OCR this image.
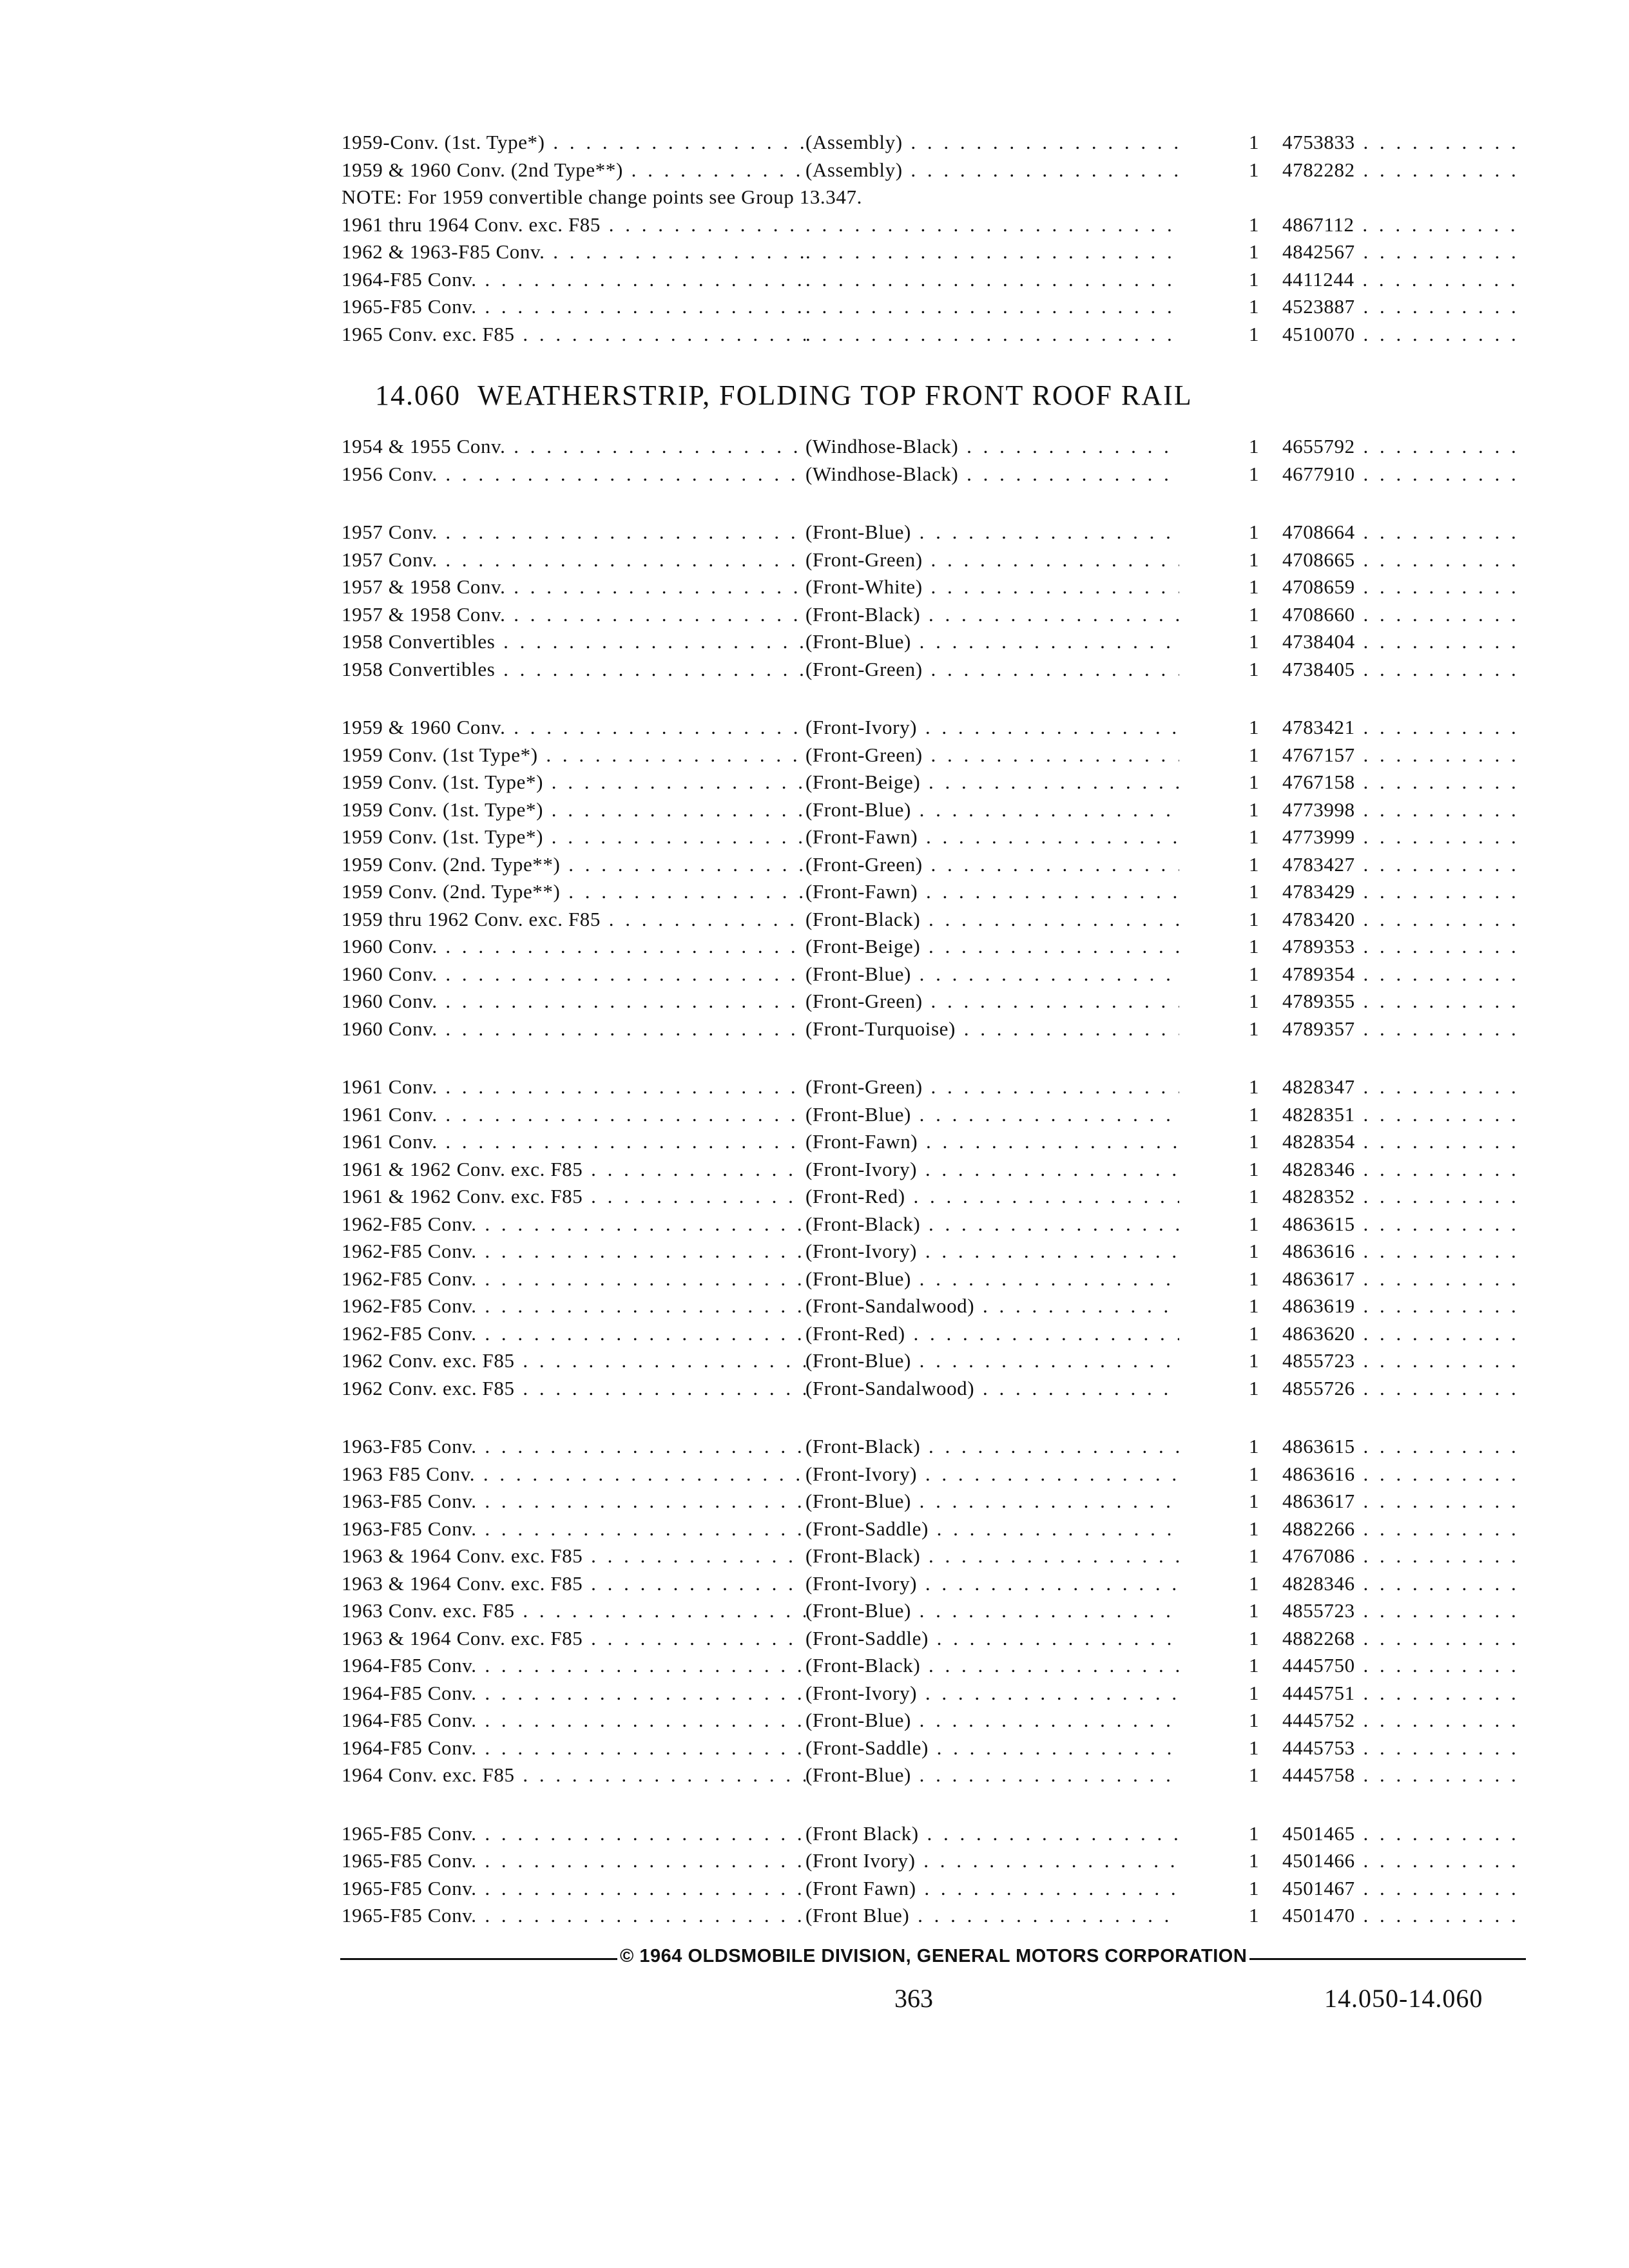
1959-Conv. (1st. Type*) . . .	(Assembly) . . .	1	4753833 . . .
1959 & 1960 Conv. (2nd Type**) . . .	(Assembly) . . .	1	4782282 . . .
NOTE: For 1959 convertible change points see Group 13.347.
1961 thru 1964 Conv. exc. F85 . . . . . .	1	4867112 . . .
1962 & 1963-F85 Conv. . . . . . .	1	4842567 . . .
1964-F85 Conv. . . . . . .	1	4411244 . . .
1965-F85 Conv. . . . . . .	1	4523887 . . .
1965 Conv. exc. F85 . . . . . .	1	4510070 . . .
14.060 WEATHERSTRIP, FOLDING TOP FRONT ROOF RAIL
1954 & 1955 Conv. . . .	(Windhose-Black) . . .	1	4655792 . . .
1956 Conv. . . .	(Windhose-Black) . . .	1	4677910 . . .
1957 Conv. . . .	(Front-Blue) . . .	1	4708664 . . .
1957 Conv. . . .	(Front-Green) . . .	1	4708665 . . .
1957 & 1958 Conv. . . .	(Front-White) . . .	1	4708659 . . .
1957 & 1958 Conv. . . .	(Front-Black) . . .	1	4708660 . . .
1958 Convertibles . . .	(Front-Blue) . . .	1	4738404 . . .
1958 Convertibles . . .	(Front-Green) . . .	1	4738405 . . .
1959 & 1960 Conv. . . .	(Front-Ivory) . . .	1	4783421 . . .
1959 Conv. (1st Type*) . . .	(Front-Green) . . .	1	4767157 . . .
1959 Conv. (1st. Type*) . . .	(Front-Beige) . . .	1	4767158 . . .
1959 Conv. (1st. Type*) . . .	(Front-Blue) . . .	1	4773998 . . .
1959 Conv. (1st. Type*) . . .	(Front-Fawn) . . .	1	4773999 . . .
1959 Conv. (2nd. Type**) . . .	(Front-Green) . . .	1	4783427 . . .
1959 Conv. (2nd. Type**) . . .	(Front-Fawn) . . .	1	4783429 . . .
1959 thru 1962 Conv. exc. F85 . . .	(Front-Black) . . .	1	4783420 . . .
1960 Conv. . . .	(Front-Beige) . . .	1	4789353 . . .
1960 Conv. . . .	(Front-Blue) . . .	1	4789354 . . .
1960 Conv. . . .	(Front-Green) . . .	1	4789355 . . .
1960 Conv. . . .	(Front-Turquoise) . . .	1	4789357 . . .
1961 Conv. . . .	(Front-Green) . . .	1	4828347 . . .
1961 Conv. . . .	(Front-Blue) . . .	1	4828351 . . .
1961 Conv. . . .	(Front-Fawn) . . .	1	4828354 . . .
1961 & 1962 Conv. exc. F85 . . .	(Front-Ivory) . . .	1	4828346 . . .
1961 & 1962 Conv. exc. F85 . . .	(Front-Red) . . .	1	4828352 . . .
1962-F85 Conv. . . .	(Front-Black) . . .	1	4863615 . . .
1962-F85 Conv. . . .	(Front-Ivory) . . .	1	4863616 . . .
1962-F85 Conv. . . .	(Front-Blue) . . .	1	4863617 . . .
1962-F85 Conv. . . .	(Front-Sandalwood) . . .	1	4863619 . . .
1962-F85 Conv. . . .	(Front-Red) . . .	1	4863620 . . .
1962 Conv. exc. F85 . . .	(Front-Blue) . . .	1	4855723 . . .
1962 Conv. exc. F85 . . .	(Front-Sandalwood) . . .	1	4855726 . . .
1963-F85 Conv. . . .	(Front-Black) . . .	1	4863615 . . .
1963 F85 Conv. . . .	(Front-Ivory) . . .	1	4863616 . . .
1963-F85 Conv. . . .	(Front-Blue) . . .	1	4863617 . . .
1963-F85 Conv. . . .	(Front-Saddle) . . .	1	4882266 . . .
1963 & 1964 Conv. exc. F85 . . .	(Front-Black) . . .	1	4767086 . . .
1963 & 1964 Conv. exc. F85 . . .	(Front-Ivory) . . .	1	4828346 . . .
1963 Conv. exc. F85 . . .	(Front-Blue) . . .	1	4855723 . . .
1963 & 1964 Conv. exc. F85 . . .	(Front-Saddle) . . .	1	4882268 . . .
1964-F85 Conv. . . .	(Front-Black) . . .	1	4445750 . . .
1964-F85 Conv. . . .	(Front-Ivory) . . .	1	4445751 . . .
1964-F85 Conv. . . .	(Front-Blue) . . .	1	4445752 . . .
1964-F85 Conv. . . .	(Front-Saddle) . . .	1	4445753 . . .
1964 Conv. exc. F85 . . .	(Front-Blue) . . .	1	4445758 . . .
1965-F85 Conv. . . .	(Front Black) . . .	1	4501465 . . .
1965-F85 Conv. . . .	(Front Ivory) . . .	1	4501466 . . .
1965-F85 Conv. . . .	(Front Fawn) . . .	1	4501467 . . .
1965-F85 Conv. . . .	(Front Blue) . . .	1	4501470 . . .
© 1964 OLDSMOBILE DIVISION, GENERAL MOTORS CORPORATION
363	14.050-14.060
